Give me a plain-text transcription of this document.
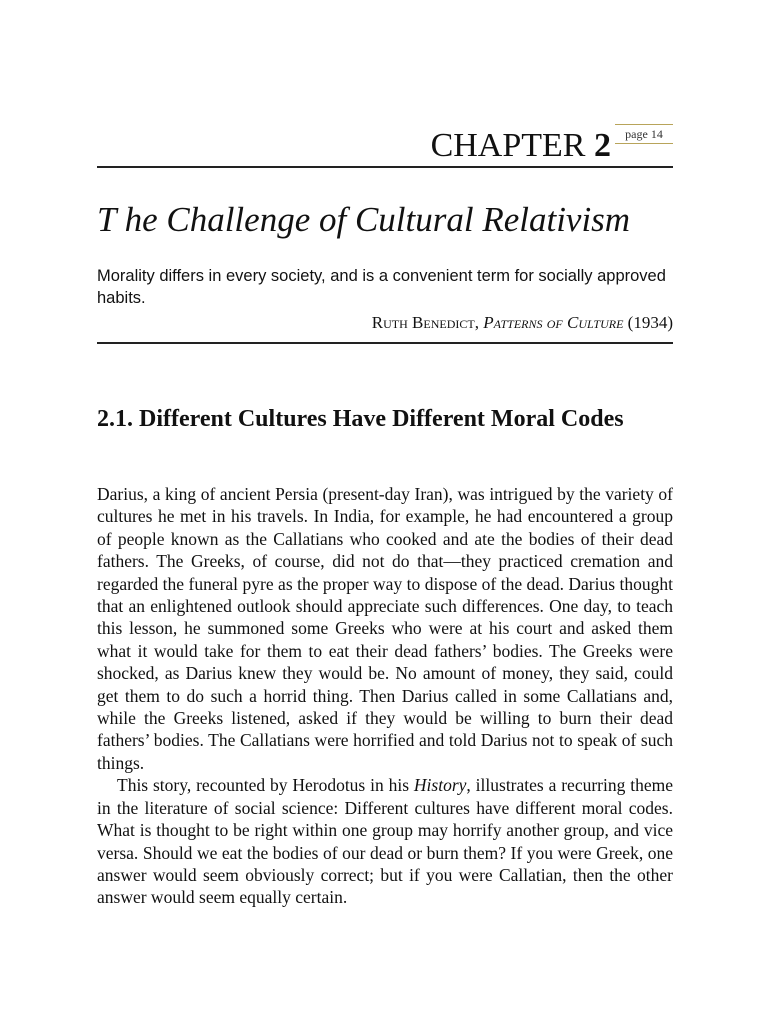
CHAPTER 2	page 14
T he Challenge of Cultural Relativism

Morality differs in every society, and is a convenient term for socially approved habits.

Ruth Benedict, Patterns of Culture (1934)
2.1. Different Cultures Have Different Moral Codes

Darius, a king of ancient Persia (present-day Iran), was intrigued by the variety of cultures he met in his travels. In India, for example, he had encountered a group of people known as the Callatians who cooked and ate the bodies of their dead fathers. The Greeks, of course, did not do that—they practiced cremation and regarded the funeral pyre as the proper way to dispose of the dead. Darius thought that an enlightened outlook should appreciate such differences. One day, to teach this lesson, he summoned some Greeks who were at his court and asked them what it would take for them to eat their dead fathers’ bodies. The Greeks were shocked, as Darius knew they would be. No amount of money, they said, could get them to do such a horrid thing. Then Darius called in some Callatians and, while the Greeks listened, asked if they would be willing to burn their dead fathers’ bodies. The Callatians were horrified and told Darius not to speak of such things.

This story, recounted by Herodotus in his History, illustrates a recurring theme in the literature of social science: Different cultures have different moral codes. What is thought to be right within one group may horrify another group, and vice versa. Should we eat the bodies of our dead or burn them? If you were Greek, one answer would seem obviously correct; but if you were Callatian, then the other answer would seem equally certain.
